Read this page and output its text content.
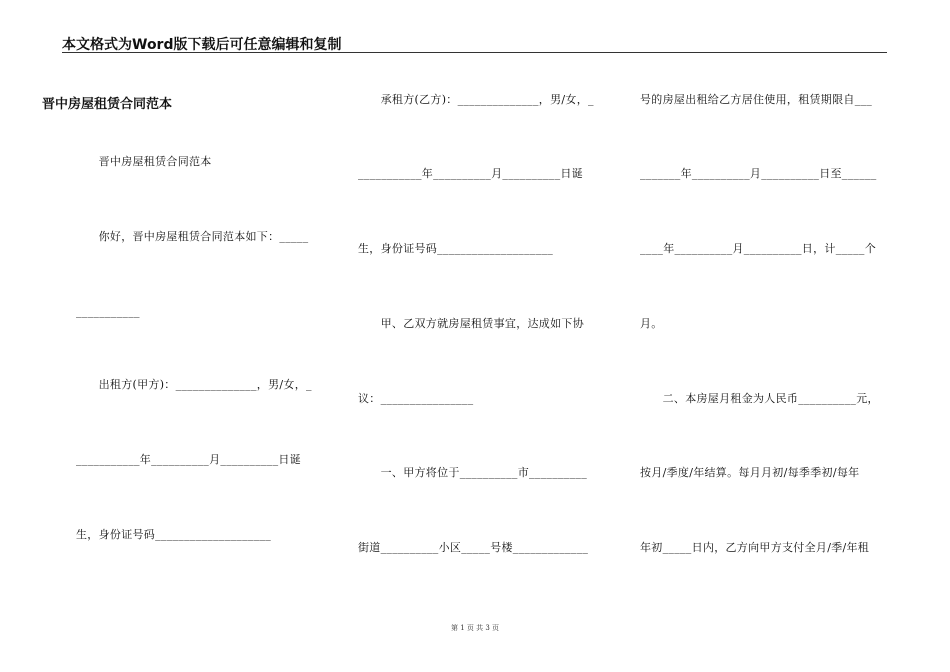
本文格式为Word版下载后可任意编辑和复制
晋中房屋租赁合同范本
　　晋中房屋租赁合同范本
　　你好，晋中房屋租赁合同范本如下：_____
___________
　　出租方(甲方)：______________，男/女，_
___________年__________月__________日诞
生，身份证号码____________________
　　承租方(乙方)：______________，男/女，_
___________年__________月__________日诞
生，身份证号码____________________
　　甲、乙双方就房屋租赁事宜，达成如下协
议：________________
　　一、甲方将位于__________市__________
街道__________小区_____号楼_____________
号的房屋出租给乙方居住使用，租赁期限自___
_______年__________月__________日至______
____年__________月__________日，计_____个
月。
　　二、本房屋月租金为人民币__________元，
按月/季度/年结算。每月月初/每季季初/每年
年初_____日内，乙方向甲方支付全月/季/年租
第 1 页 共 3 页
